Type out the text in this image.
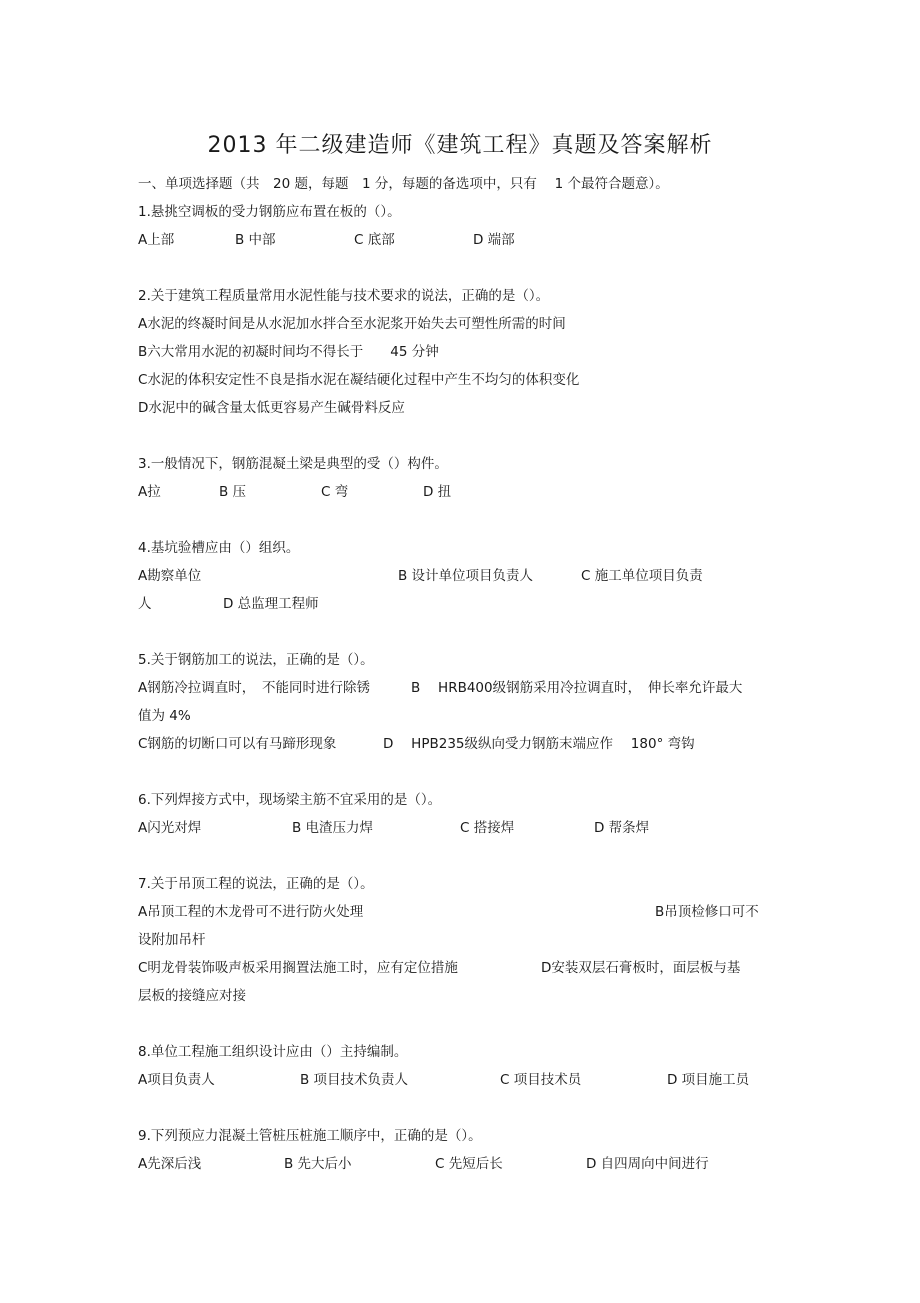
2013 年二级建造师《建筑工程》真题及答案解析
一、单项选择题（共　20 题，每题　1 分，每题的备选项中，只有　 1 个最符合题意）。
1.悬挑空调板的受力钢筋应布置在板的（）。
A上部	B 中部	C 底部	D 端部
2.关于建筑工程质量常用水泥性能与技术要求的说法，正确的是（）。
A水泥的终凝时间是从水泥加水拌合至水泥浆开始失去可塑性所需的时间
B六大常用水泥的初凝时间均不得长于　　45 分钟
C水泥的体积安定性不良是指水泥在凝结硬化过程中产生不均匀的体积变化
D水泥中的碱含量太低更容易产生碱骨料反应
3.一般情况下，钢筋混凝土梁是典型的受（）构件。
A拉	B 压	C 弯	D 扭
4.基坑验槽应由（）组织。
A勘察单位	B 设计单位项目负责人	C 施工单位项目负责
人	D 总监理工程师
5.关于钢筋加工的说法，正确的是（）。
A钢筋冷拉调直时，　不能同时进行除锈	B　 HRB400级钢筋采用冷拉调直时，　伸长率允许最大
值为 4%
C钢筋的切断口可以有马蹄形现象	D　 HPB235级纵向受力钢筋末端应作　 180° 弯钩
6.下列焊接方式中，现场梁主筋不宜采用的是（）。
A闪光对焊	B 电渣压力焊	C 搭接焊	D 帮条焊
7.关于吊顶工程的说法，正确的是（）。
A吊顶工程的木龙骨可不进行防火处理	B吊顶检修口可不
设附加吊杆
C明龙骨装饰吸声板采用搁置法施工时，应有定位措施	D安装双层石膏板时，面层板与基
层板的接缝应对接
8.单位工程施工组织设计应由（）主持编制。
A项目负责人	B 项目技术负责人	C 项目技术员	D 项目施工员
9.下列预应力混凝土管桩压桩施工顺序中，正确的是（）。
A先深后浅	B 先大后小	C 先短后长	D 自四周向中间进行
